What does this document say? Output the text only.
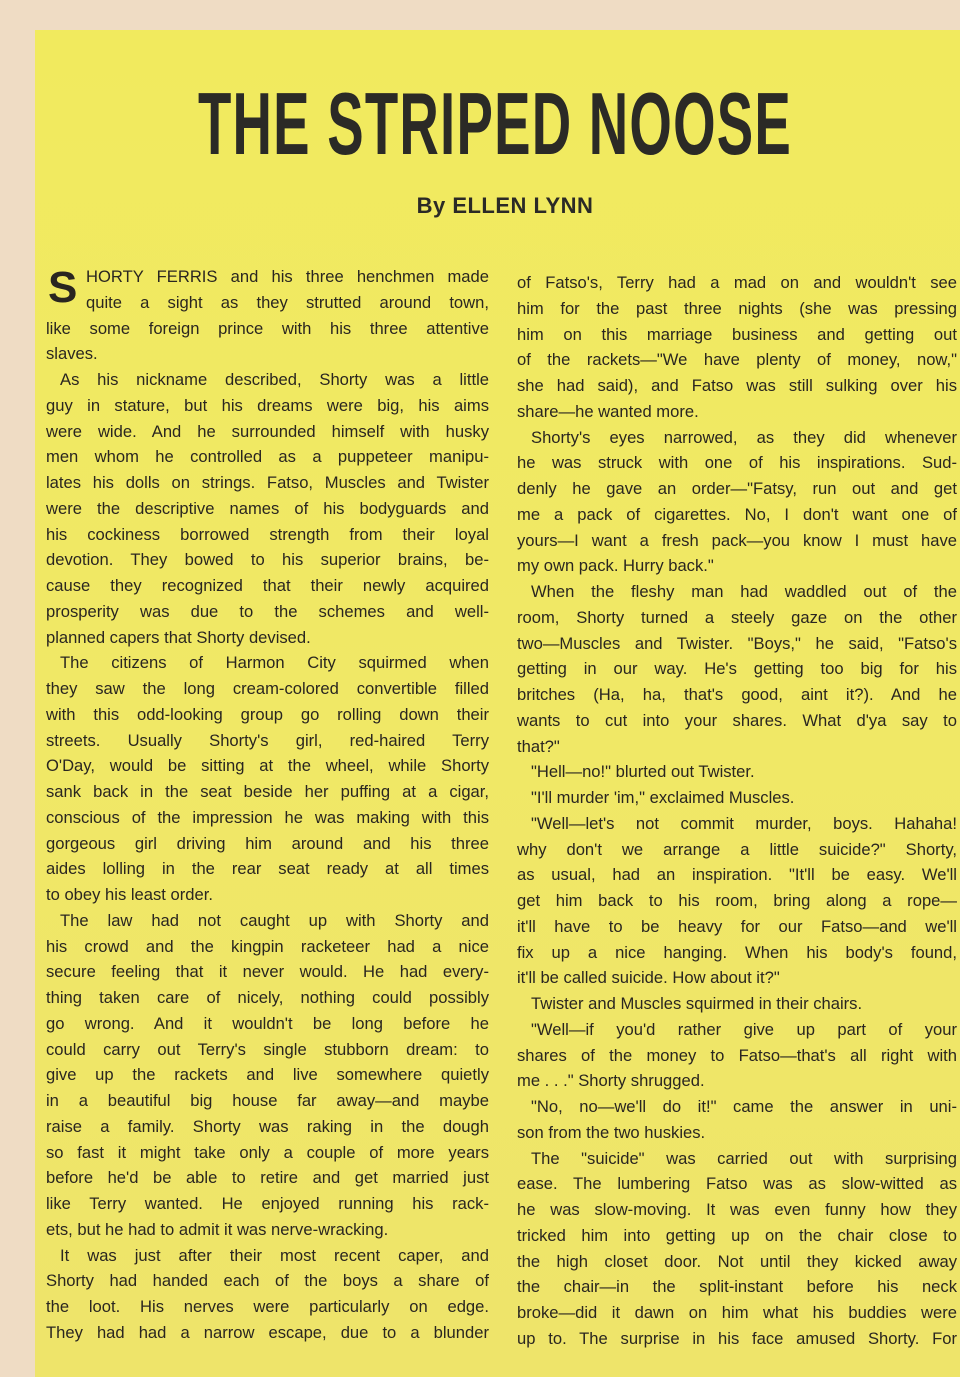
THE STRIPED NOOSE
By ELLEN LYNN
HORTY FERRIS and his three henchmen made
quite a sight as they strutted around town,
like some foreign prince with his three attentive
slaves.
As his nickname described, Shorty was a little
guy in stature, but his dreams were big, his aims
were wide. And he surrounded himself with husky
men whom he controlled as a puppeteer manipu-
lates his dolls on strings. Fatso, Muscles and Twister
were the descriptive names of his bodyguards and
his cockiness borrowed strength from their loyal
devotion. They bowed to his superior brains, be-
cause they recognized that their newly acquired
prosperity was due to the schemes and well-
planned capers that Shorty devised.
The citizens of Harmon City squirmed when
they saw the long cream-colored convertible filled
with this odd-looking group go rolling down their
streets. Usually Shorty's girl, red-haired Terry
O'Day, would be sitting at the wheel, while Shorty
sank back in the seat beside her puffing at a cigar,
conscious of the impression he was making with this
gorgeous girl driving him around and his three
aides lolling in the rear seat ready at all times
to obey his least order.
The law had not caught up with Shorty and
his crowd and the kingpin racketeer had a nice
secure feeling that it never would. He had every-
thing taken care of nicely, nothing could possibly
go wrong. And it wouldn't be long before he
could carry out Terry's single stubborn dream: to
give up the rackets and live somewhere quietly
in a beautiful big house far away—and maybe
raise a family. Shorty was raking in the dough
so fast it might take only a couple of more years
before he'd be able to retire and get married just
like Terry wanted. He enjoyed running his rack-
ets, but he had to admit it was nerve-wracking.
It was just after their most recent caper, and
Shorty had handed each of the boys a share of
the loot. His nerves were particularly on edge.
They had had a narrow escape, due to a blunder
S	of Fatso's, Terry had a mad on and wouldn't see
him for the past three nights (she was pressing
him on this marriage business and getting out
of the rackets—"We have plenty of money, now,"
she had said), and Fatso was still sulking over his
share—he wanted more.
Shorty's eyes narrowed, as they did whenever
he was struck with one of his inspirations. Sud-
denly he gave an order—"Fatsy, run out and get
me a pack of cigarettes. No, I don't want one of
yours—I want a fresh pack—you know I must have
my own pack. Hurry back."
When the fleshy man had waddled out of the
room, Shorty turned a steely gaze on the other
two—Muscles and Twister. "Boys," he said, "Fatso's
getting in our way. He's getting too big for his
britches (Ha, ha, that's good, aint it?). And he
wants to cut into your shares. What d'ya say to
that?"
"Hell—no!" blurted out Twister.
"I'll murder 'im," exclaimed Muscles.
"Well—let's not commit murder, boys. Hahaha!
why don't we arrange a little suicide?" Shorty,
as usual, had an inspiration. "It'll be easy. We'll
get him back to his room, bring along a rope—
it'll have to be heavy for our Fatso—and we'll
fix up a nice hanging. When his body's found,
it'll be called suicide. How about it?"
Twister and Muscles squirmed in their chairs.
"Well—if you'd rather give up part of your
shares of the money to Fatso—that's all right with
me . . ." Shorty shrugged.
"No, no—we'll do it!" came the answer in uni-
son from the two huskies.
The "suicide" was carried out with surprising
ease. The lumbering Fatso was as slow-witted as
he was slow-moving. It was even funny how they
tricked him into getting up on the chair close to
the high closet door. Not until they kicked away
the chair—in the split-instant before his neck
broke—did it dawn on him what his buddies were
up to. The surprise in his face amused Shorty. For
